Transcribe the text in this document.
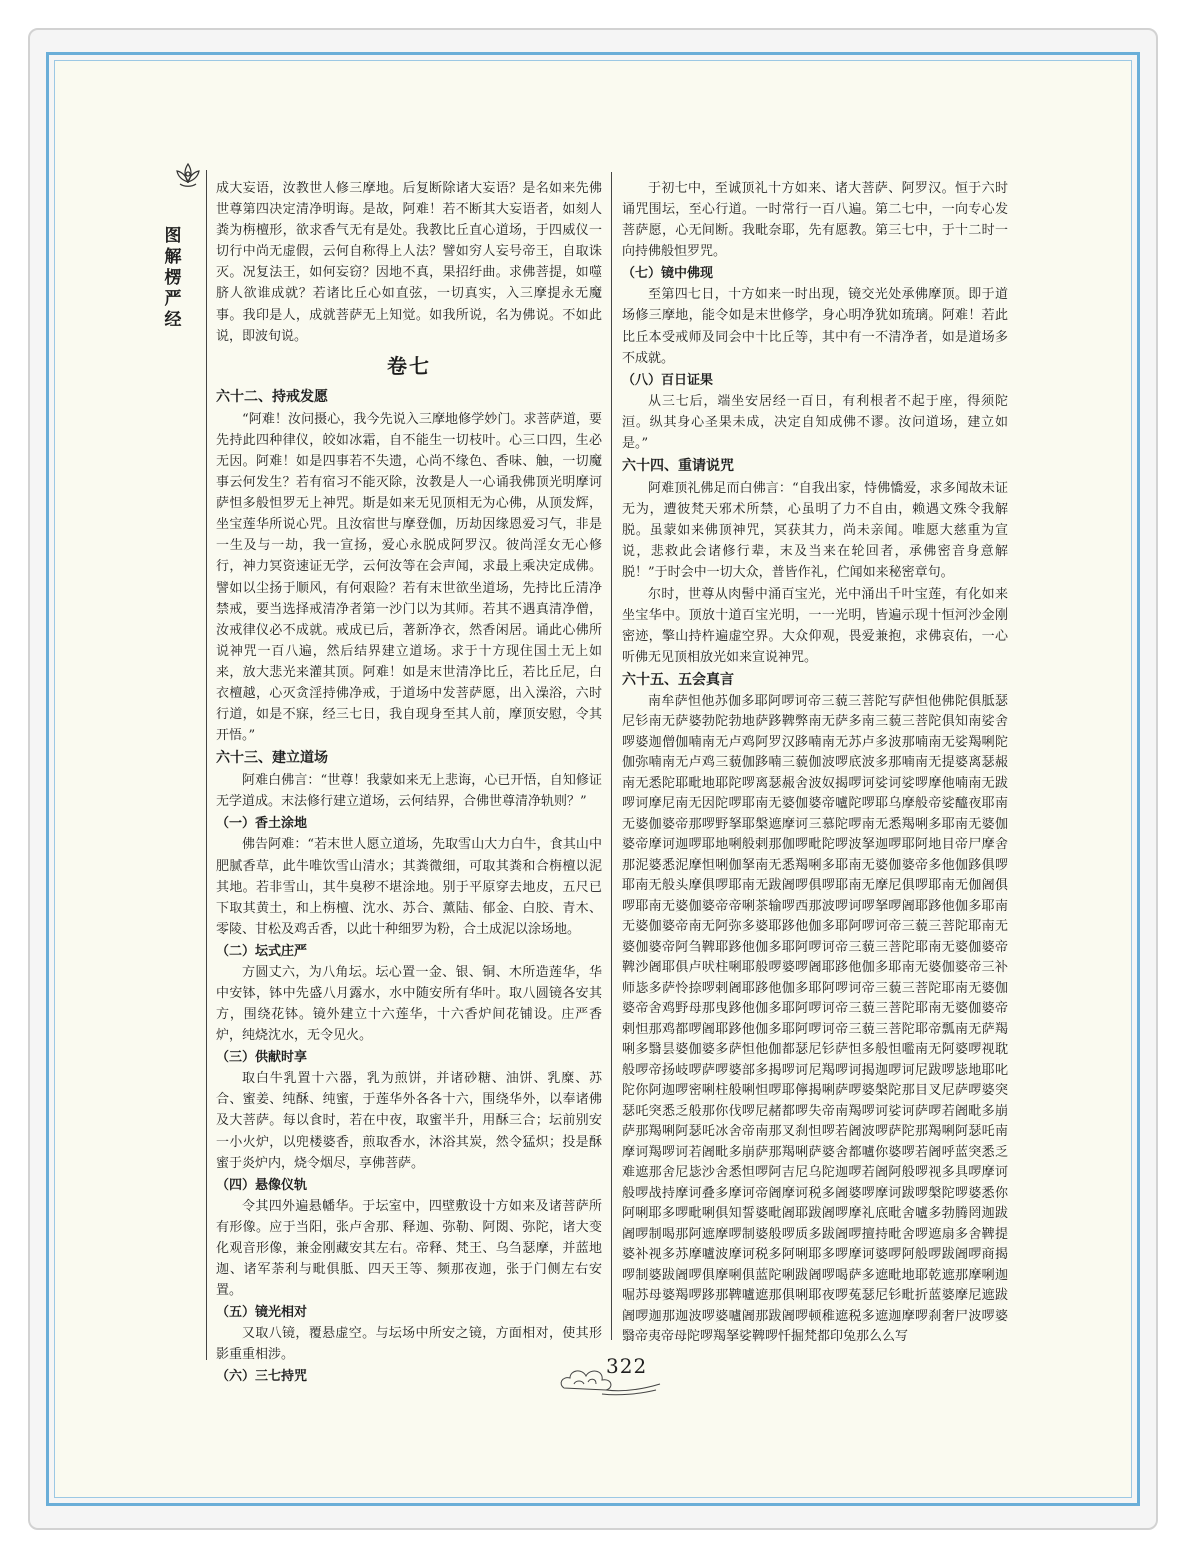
图
解
楞
严
经

成大妄语，汝教世人修三摩地。后复断除诸大妄语？是名如来先佛世尊第四决定清净明诲。是故，阿难！若不断其大妄语者，如刻人粪为栴檀形，欲求香气无有是处。我教比丘直心道场，于四威仪一切行中尚无虚假，云何自称得上人法？譬如穷人妄号帝王，自取诛灭。况复法王，如何妄窃？因地不真，果招纡曲。求佛菩提，如噬脐人欲谁成就？若诸比丘心如直弦，一切真实，入三摩提永无魔事。我印是人，成就菩萨无上知觉。如我所说，名为佛说。不如此说，即波旬说。

卷七
六十二、持戒发愿

“阿难！汝问摄心，我今先说入三摩地修学妙门。求菩萨道，要先持此四种律仪，皎如冰霜，自不能生一切枝叶。心三口四，生必无因。阿难！如是四事若不失遗，心尚不缘色、香味、触，一切魔事云何发生？若有宿习不能灭除，汝教是人一心诵我佛顶光明摩诃萨怛多般怛罗无上神咒。斯是如来无见顶相无为心佛，从顶发辉，坐宝莲华所说心咒。且汝宿世与摩登伽，历劫因缘恩爱习气，非是一生及与一劫，我一宣扬，爱心永脱成阿罗汉。彼尚淫女无心修行，神力冥资速证无学，云何汝等在会声闻，求最上乘决定成佛。譬如以尘扬于顺风，有何艰险？若有末世欲坐道场，先持比丘清净禁戒，要当选择戒清净者第一沙门以为其师。若其不遇真清净僧，汝戒律仪必不成就。戒成已后，著新净衣，然香闲居。诵此心佛所说神咒一百八遍，然后结界建立道场。求于十方现住国土无上如来，放大悲光来灌其顶。阿难！如是末世清净比丘，若比丘尼，白衣檀越，心灭贪淫持佛净戒，于道场中发菩萨愿，出入澡浴，六时行道，如是不寐，经三七日，我自现身至其人前，摩顶安慰，令其开悟。”

六十三、建立道场

阿难白佛言：“世尊！我蒙如来无上悲诲，心已开悟，自知修证无学道成。末法修行建立道场，云何结界，合佛世尊清净轨则？”

（一）香土涂地

佛告阿难：“若末世人愿立道场，先取雪山大力白牛，食其山中肥腻香草，此牛唯饮雪山清水；其粪微细，可取其粪和合栴檀以泥其地。若非雪山，其牛臭秽不堪涂地。别于平原穿去地皮，五尺已下取其黄土，和上栴檀、沈水、苏合、薰陆、郁金、白胶、青木、零陵、甘松及鸡舌香，以此十种细罗为粉，合土成泥以涂场地。

（二）坛式庄严

方圆丈六，为八角坛。坛心置一金、银、铜、木所造莲华，华中安钵，钵中先盛八月露水，水中随安所有华叶。取八圆镜各安其方，围绕花钵。镜外建立十六莲华，十六香炉间花铺设。庄严香炉，纯烧沈水，无令见火。

（三）供献时享

取白牛乳置十六器，乳为煎饼，并诸砂糖、油饼、乳糜、苏合、蜜姜、纯酥、纯蜜，于莲华外各各十六，围绕华外，以奉诸佛及大菩萨。每以食时，若在中夜，取蜜半升，用酥三合；坛前别安一小火炉，以兜楼婆香，煎取香水，沐浴其炭，然令猛炽；投是酥蜜于炎炉内，烧令烟尽，享佛菩萨。

（四）悬像仪轨

令其四外遍悬幡华。于坛室中，四壁敷设十方如来及诸菩萨所有形像。应于当阳，张卢舍那、释迦、弥勒、阿閦、弥陀，诸大变化观音形像，兼金刚藏安其左右。帝释、梵王、乌刍瑟摩，并蓝地迦、诸军荼利与毗俱胝、四天王等、频那夜迦，张于门侧左右安置。

（五）镜光相对

又取八镜，覆悬虚空。与坛场中所安之镜，方面相对，使其形影重重相涉。

（六）三七持咒

于初七中，至诚顶礼十方如来、诸大菩萨、阿罗汉。恒于六时诵咒围坛，至心行道。一时常行一百八遍。第二七中，一向专心发菩萨愿，心无间断。我毗奈耶，先有愿教。第三七中，于十二时一向持佛般怛罗咒。

（七）镜中佛现

至第四七日，十方如来一时出现，镜交光处承佛摩顶。即于道场修三摩地，能令如是末世修学，身心明净犹如琉璃。阿难！若此比丘本受戒师及同会中十比丘等，其中有一不清净者，如是道场多不成就。

（八）百日证果

从三七后，端坐安居经一百日，有利根者不起于座，得须陀洹。纵其身心圣果未成，决定自知成佛不谬。汝问道场，建立如是。”

六十四、重请说咒

阿难顶礼佛足而白佛言：“自我出家，恃佛憍爱，求多闻故未证无为，遭彼梵天邪术所禁，心虽明了力不自由，赖遇文殊令我解脱。虽蒙如来佛顶神咒，冥获其力，尚未亲闻。唯愿大慈重为宣说，悲救此会诸修行辈，末及当来在轮回者，承佛密音身意解脱！”于时会中一切大众，普皆作礼，伫闻如来秘密章句。

尔时，世尊从肉髻中涌百宝光，光中涌出千叶宝莲，有化如来坐宝华中。顶放十道百宝光明，一一光明，皆遍示现十恒河沙金刚密迹，擎山持杵遍虚空界。大众仰观，畏爱兼抱，求佛哀佑，一心听佛无见顶相放光如来宣说神咒。

六十五、五会真言

南牟萨怛他苏伽多耶阿啰诃帝三藐三菩陀写萨怛他佛陀俱胝瑟尼钐南无萨婆勃陀勃地萨跢鞞弊南无萨多南三藐三菩陀俱知南娑舍啰婆迦僧伽喃南无卢鸡阿罗汉跢喃南无苏卢多波那喃南无娑羯唎陀伽弥喃南无卢鸡三藐伽跢喃三藐伽波啰底波多那喃南无提婆离瑟赧南无悉陀耶毗地耶陀啰离瑟赧舍波奴揭啰诃娑诃娑啰摩他喃南无跋啰诃摩尼南无因陀啰耶南无婆伽婆帝嚧陀啰耶乌摩般帝娑醯夜耶南无婆伽婆帝那啰野拏耶槃遮摩诃三慕陀啰南无悉羯唎多耶南无婆伽婆帝摩诃迦啰耶地唎般剌那伽啰毗陀啰波拏迦啰耶阿地目帝尸摩舍那泥婆悉泥摩怛唎伽拏南无悉羯唎多耶南无婆伽婆帝多他伽跢俱啰耶南无般头摩俱啰耶南无跋阇啰俱啰耶南无摩尼俱啰耶南无伽阇俱啰耶南无婆伽婆帝帝唎茶输啰西那波啰诃啰拏啰阇耶跢他伽多耶南无婆伽婆帝南无阿弥多婆耶跢他伽多耶阿啰诃帝三藐三菩陀耶南无婆伽婆帝阿刍鞞耶跢他伽多耶阿啰诃帝三藐三菩陀耶南无婆伽婆帝鞞沙阇耶俱卢吠柱唎耶般啰婆啰阇耶跢他伽多耶南无婆伽婆帝三补师毖多萨怜捺啰剌阇耶跢他伽多耶阿啰诃帝三藐三菩陀耶南无婆伽婆帝舍鸡野母那曳跢他伽多耶阿啰诃帝三藐三菩陀耶南无婆伽婆帝剌怛那鸡都啰阇耶跢他伽多耶阿啰诃帝三藐三菩陀耶帝瓢南无萨羯唎多翳昙婆伽婆多萨怛他伽都瑟尼钐萨怛多般怛嚂南无阿婆啰视耽般啰帝扬岐啰萨啰婆部多揭啰诃尼羯啰诃揭迦啰诃尼跋啰毖地耶叱陀你阿迦啰密唎柱般唎怛啰耶儜揭唎萨啰婆槃陀那目叉尼萨啰婆突瑟吒突悉乏般那你伐啰尼赭都啰失帝南羯啰诃娑诃萨啰若阇毗多崩萨那羯唎阿瑟吒冰舍帝南那叉刹怛啰若阇波啰萨陀那羯唎阿瑟吒南摩诃羯啰诃若阇毗多崩萨那羯唎萨婆舍都嚧你婆啰若阇呼蓝突悉乏难遮那舍尼毖沙舍悉怛啰阿吉尼乌陀迦啰若阇阿般啰视多具啰摩诃般啰战持摩诃叠多摩诃帝阇摩诃税多阇婆啰摩诃跋啰槃陀啰婆悉你阿唎耶多啰毗唎俱知誓婆毗阇耶跋阇啰摩礼底毗舍嚧多勃腾罔迦跋阇啰制喝那阿遮摩啰制婆般啰质多跋阇啰擅持毗舍啰遮扇多舍鞞提婆补视多苏摩嚧波摩诃税多阿唎耶多啰摩诃婆啰阿般啰跋阇啰商揭啰制婆跋阇啰俱摩唎俱蓝陀唎跋阇啰喝萨多遮毗地耶乾遮那摩唎迦啒苏母婆羯啰跢那鞞嚧遮那俱唎耶夜啰菟瑟尼钐毗折蓝婆摩尼遮跋阇啰迦那迦波啰婆嚧阇那跋阇啰顿稚遮税多遮迦摩啰刹奢尸波啰婆翳帝夷帝母陀啰羯拏娑鞞啰忏掘梵都印兔那么么写

322
